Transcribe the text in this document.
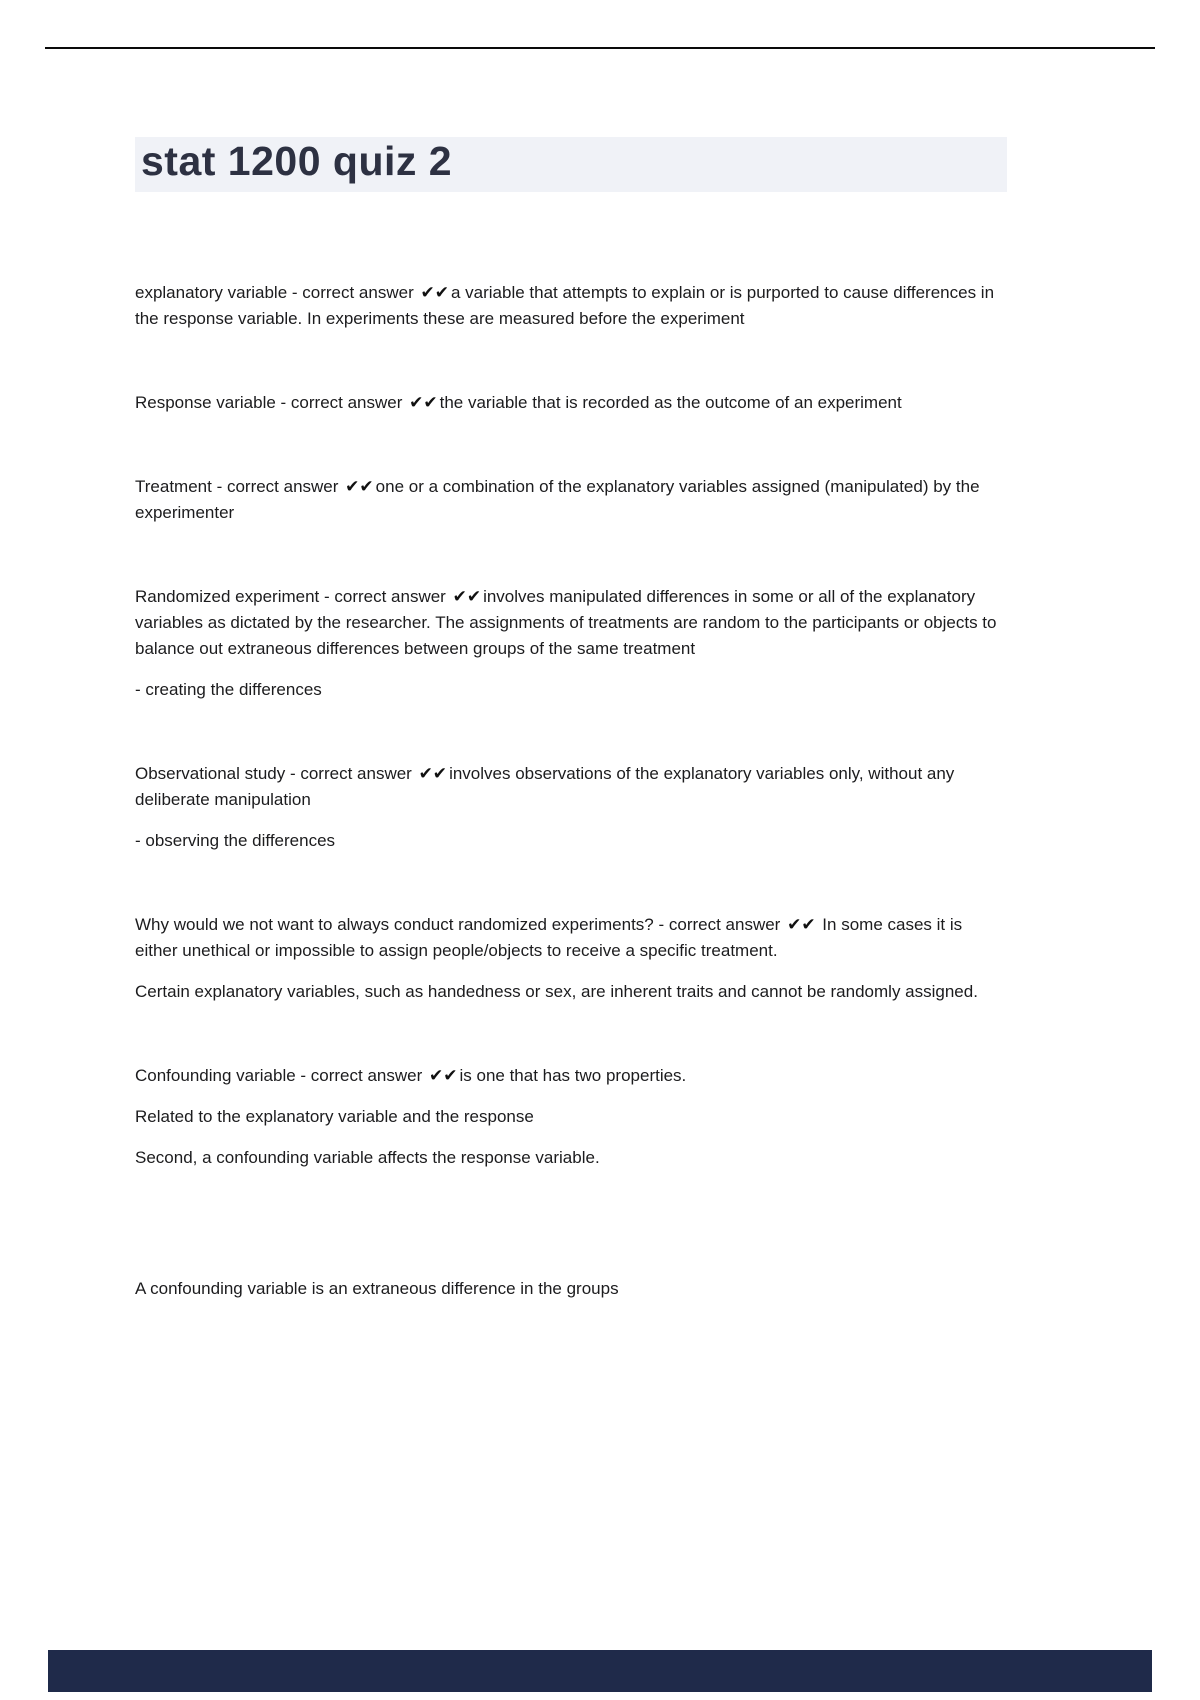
stat 1200 quiz 2

explanatory variable - correct answer ✔✔ a variable that attempts to explain or is purported to cause differences in the response variable. In experiments these are measured before the experiment

Response variable - correct answer ✔✔ the variable that is recorded as the outcome of an experiment

Treatment - correct answer ✔✔ one or a combination of the explanatory variables assigned (manipulated) by the experimenter

Randomized experiment - correct answer ✔✔ involves manipulated differences in some or all of the explanatory variables as dictated by the researcher. The assignments of treatments are random to the participants or objects to balance out extraneous differences between groups of the same treatment

- creating the differences

Observational study - correct answer ✔✔ involves observations of the explanatory variables only, without any deliberate manipulation

- observing the differences

Why would we not want to always conduct randomized experiments? - correct answer ✔✔ In some cases it is either unethical or impossible to assign people/objects to receive a specific treatment.

Certain explanatory variables, such as handedness or sex, are inherent traits and cannot be randomly assigned.

Confounding variable - correct answer ✔✔ is one that has two properties.

Related to the explanatory variable and the response

Second, a confounding variable affects the response variable.

A confounding variable is an extraneous difference in the groups
